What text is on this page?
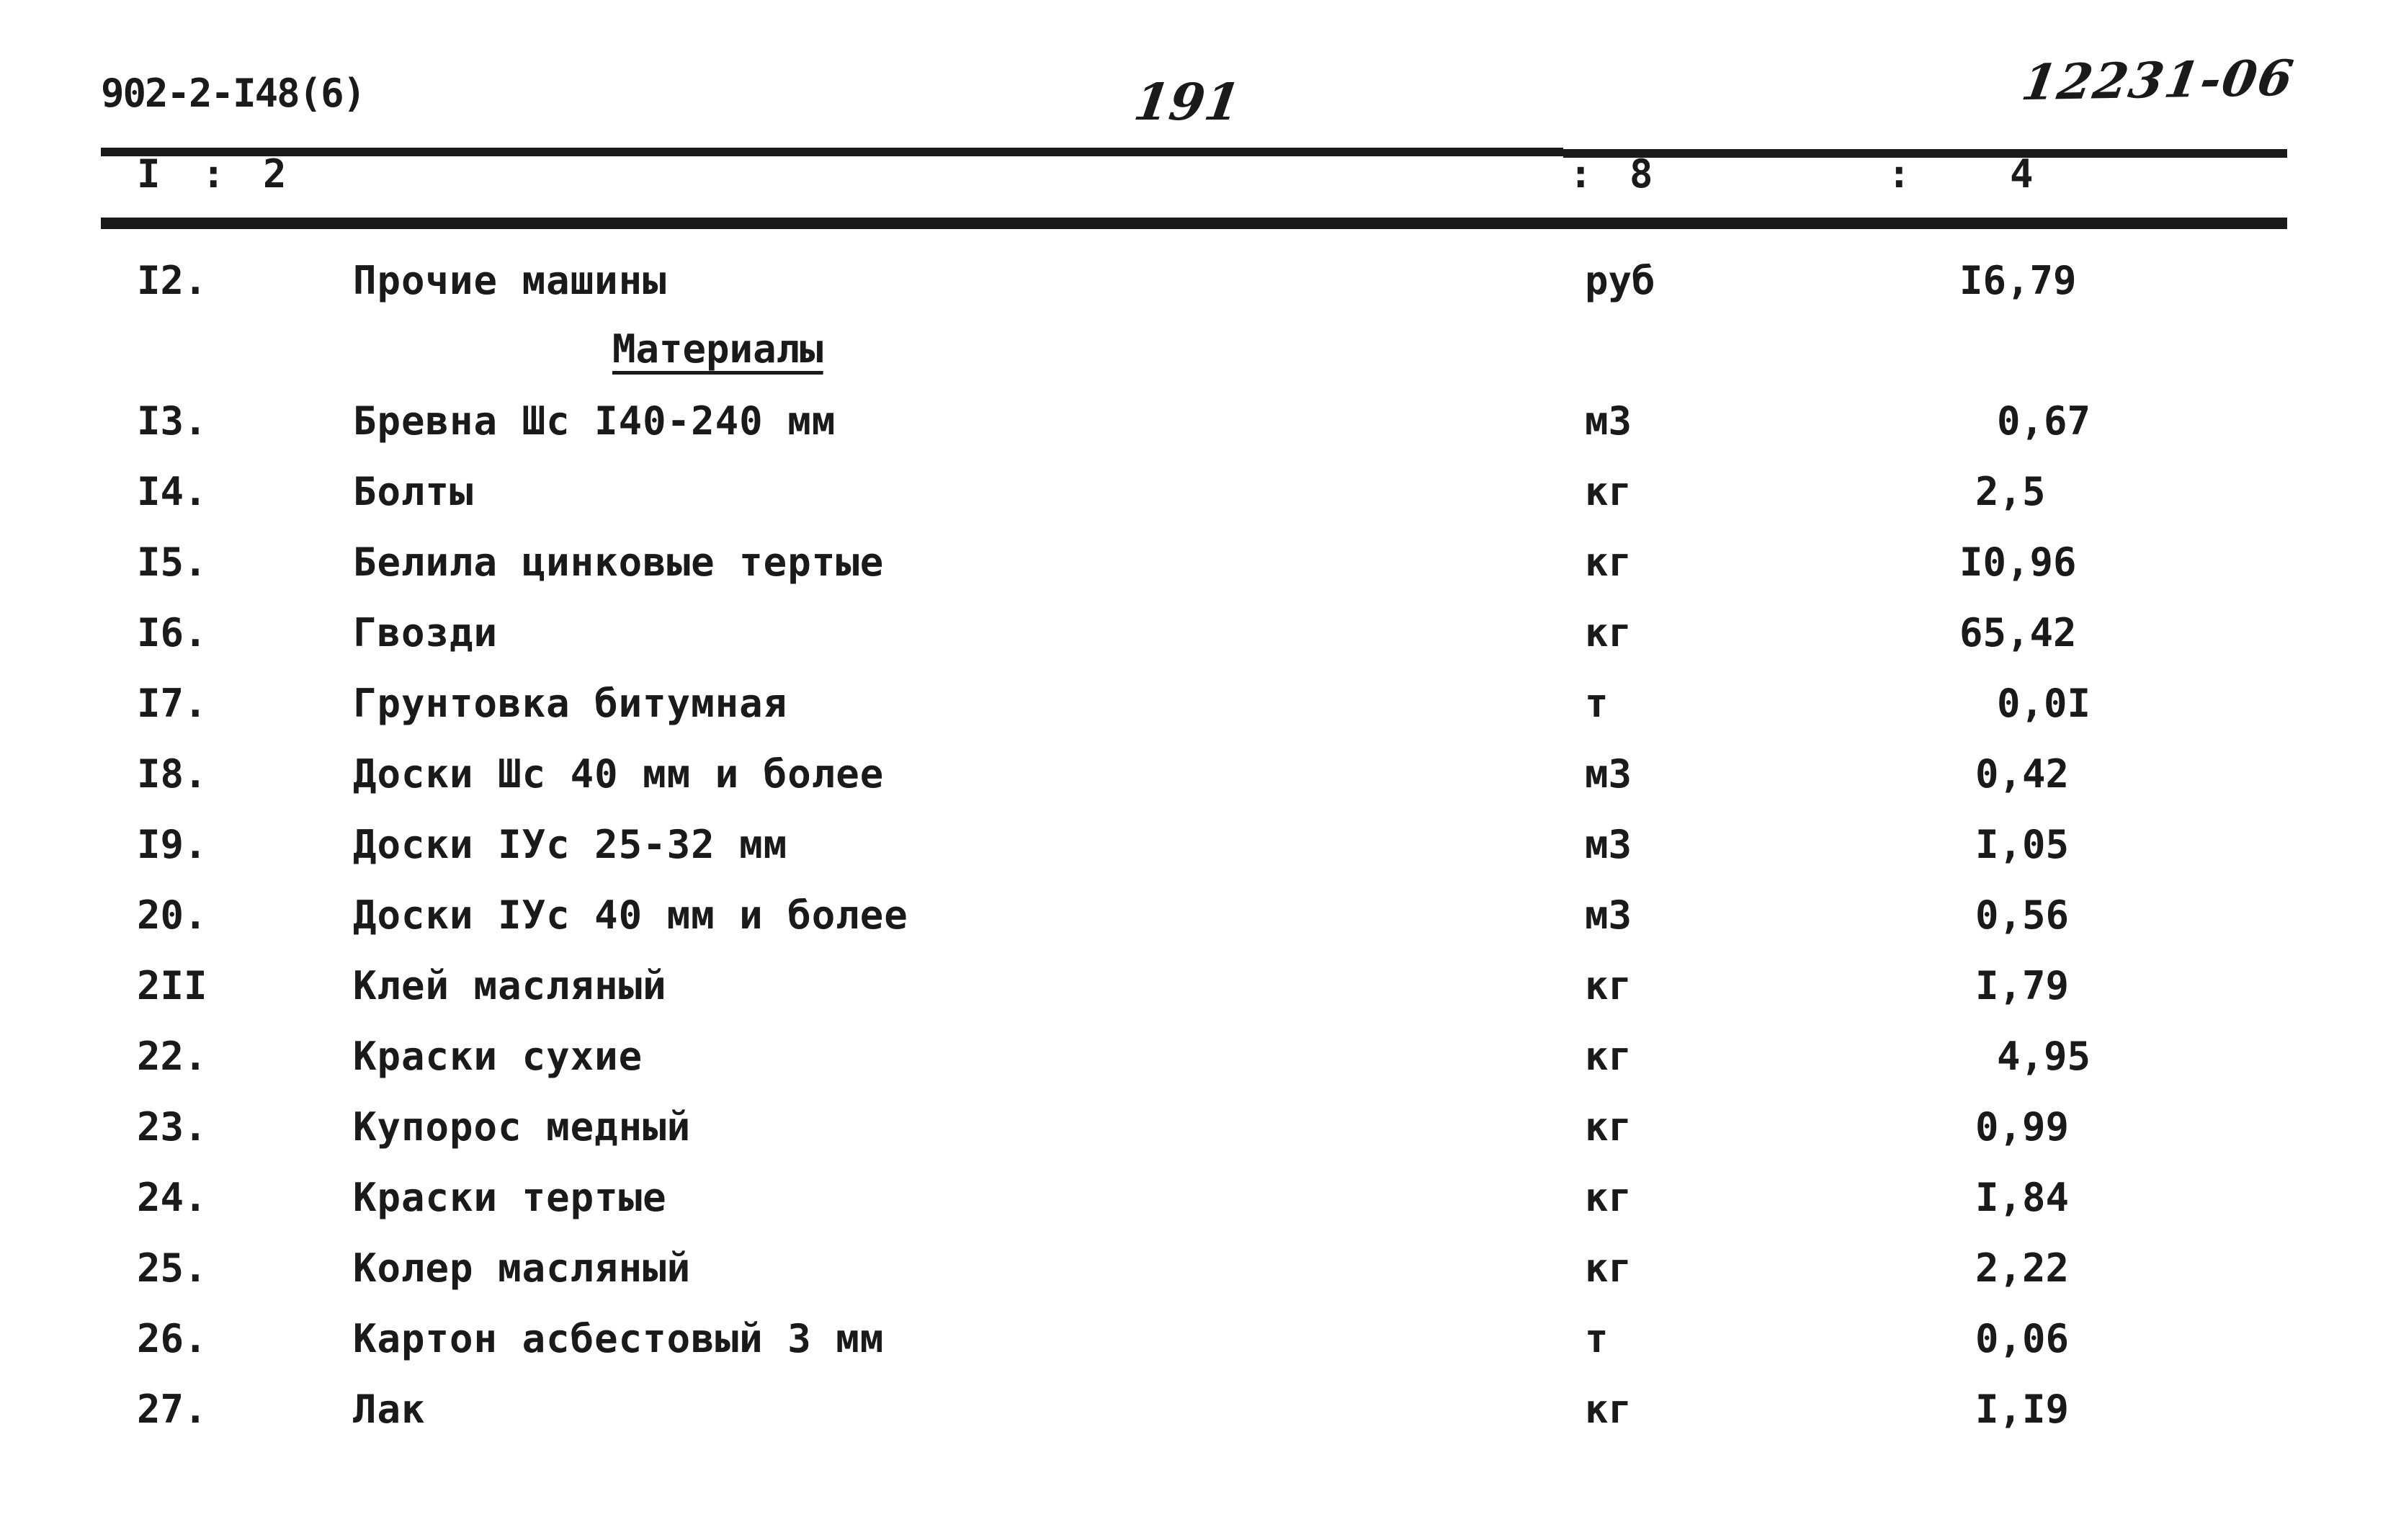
902-2-I48(6)	191	12231-06
I : 2	: 8	:	4
Материалы
I2.	Прочие машины	руб	I6,79
I3.	Бревна Шс I40-240 мм	м3	0,67
I4.	Болты	кг	2,5
I5.	Белила цинковые тертые	кг	I0,96
I6.	Гвозди	кг	65,42
I7.	Грунтовка битумная	т	0,0I
I8.	Доски Шс 40 мм и более	м3	0,42
I9.	Доски IУс 25-32 мм	м3	I,05
20.	Доски IУс 40 мм и более	м3	0,56
2II	Клей масляный	кг	I,79
22.	Краски сухие	кг	4,95
23.	Купорос медный	кг	0,99
24.	Краски тертые	кг	I,84
25.	Колер масляный	кг	2,22
26.	Картон асбестовый 3 мм	т	0,06
27.	Лак	кг	I,I9
